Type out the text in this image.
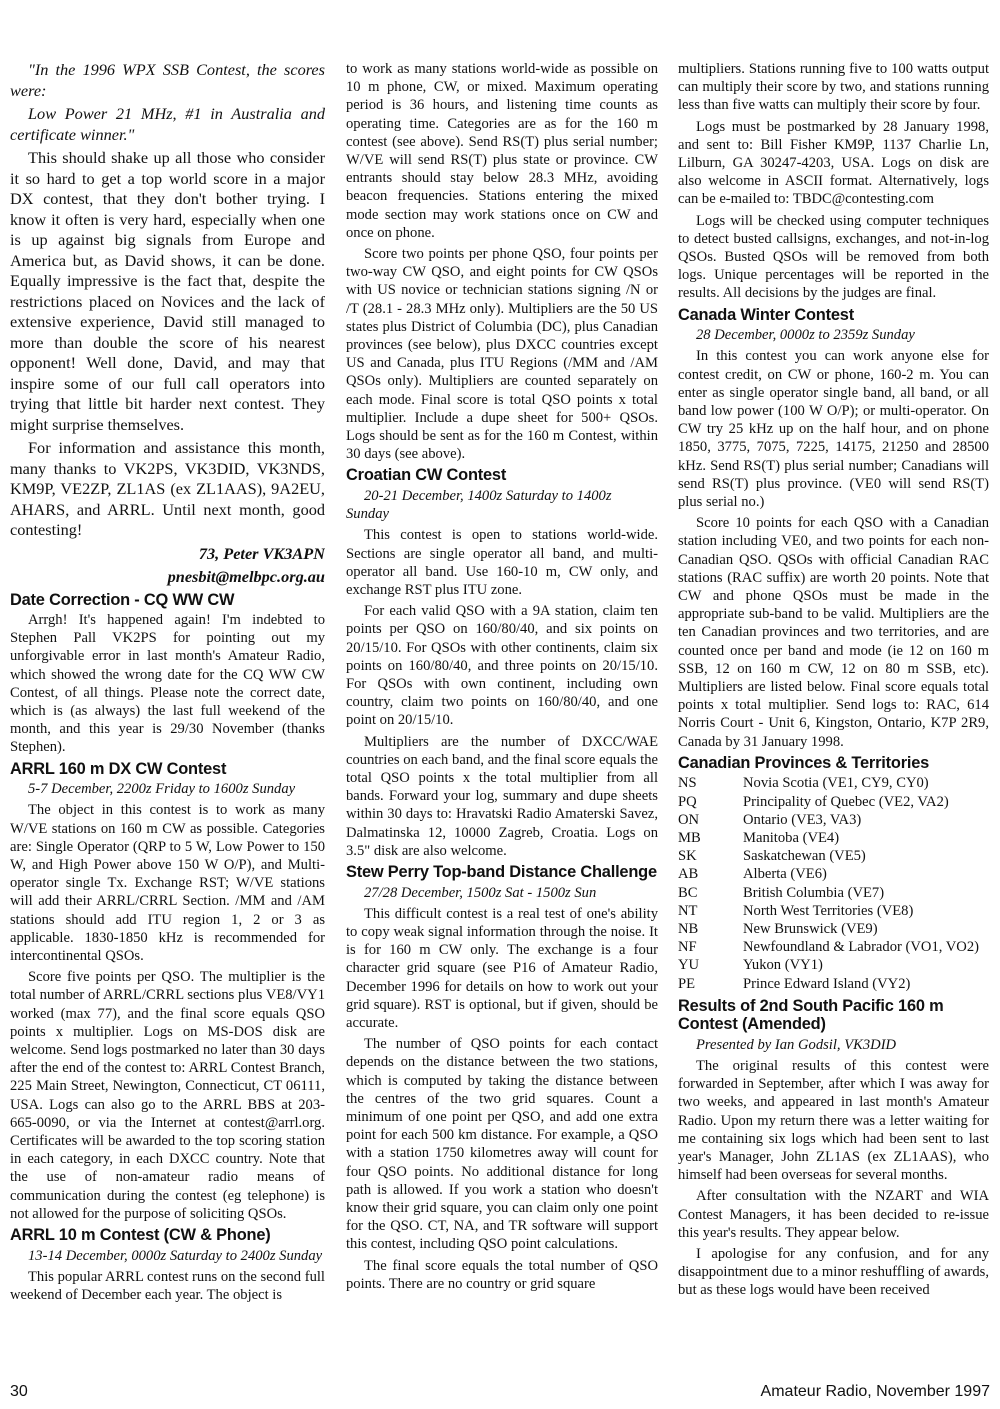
"In the 1996 WPX SSB Contest, the scores were:

Low Power 21 MHz, #1 in Australia and certificate winner."

This should shake up all those who consider it so hard to get a top world score in a major DX contest, that they don't bother trying. I know it often is very hard, especially when one is up against big signals from Europe and America but, as David shows, it can be done. Equally impressive is the fact that, despite the restrictions placed on Novices and the lack of extensive experience, David still managed to more than double the score of his nearest opponent! Well done, David, and may that inspire some of our full call operators into trying that little bit harder next contest. They might surprise themselves.

For information and assistance this month, many thanks to VK2PS, VK3DID, VK3NDS, KM9P, VE2ZP, ZL1AS (ex ZL1AAS), 9A2EU, AHARS, and ARRL. Until next month, good contesting!

73, Peter VK3APN

pnesbit@melbpc.org.au

Date Correction - CQ WW CW

Arrgh! It's happened again! I'm indebted to Stephen Pall VK2PS for pointing out my unforgivable error in last month's Amateur Radio, which showed the wrong date for the CQ WW CW Contest, of all things. Please note the correct date, which is (as always) the last full weekend of the month, and this year is 29/30 November (thanks Stephen).

ARRL 160 m DX CW Contest

5-7 December, 2200z Friday to 1600z Sunday

The object in this contest is to work as many W/VE stations on 160 m CW as possible. Categories are: Single Operator (QRP to 5 W, Low Power to 150 W, and High Power above 150 W O/P), and Multi-operator single Tx. Exchange RST; W/VE stations will add their ARRL/CRRL Section. /MM and /AM stations should add ITU region 1, 2 or 3 as applicable. 1830-1850 kHz is recommended for intercontinental QSOs.

Score five points per QSO. The multiplier is the total number of ARRL/CRRL sections plus VE8/VY1 worked (max 77), and the final score equals QSO points x multiplier. Logs on MS-DOS disk are welcome. Send logs postmarked no later than 30 days after the end of the contest to: ARRL Contest Branch, 225 Main Street, Newington, Connecticut, CT 06111, USA. Logs can also go to the ARRL BBS at 203-665-0090, or via the Internet at contest@arrl.org. Certificates will be awarded to the top scoring station in each category, in each DXCC country. Note that the use of non-amateur radio means of communication during the contest (eg telephone) is not allowed for the purpose of soliciting QSOs.

ARRL 10 m Contest (CW & Phone)

13-14 December, 0000z Saturday to 2400z Sunday

This popular ARRL contest runs on the second full weekend of December each year. The object is

to work as many stations world-wide as possible on 10 m phone, CW, or mixed. Maximum operating period is 36 hours, and listening time counts as operating time. Categories are as for the 160 m contest (see above). Send RS(T) plus serial number; W/VE will send RS(T) plus state or province. CW entrants should stay below 28.3 MHz, avoiding beacon frequencies. Stations entering the mixed mode section may work stations once on CW and once on phone.

Score two points per phone QSO, four points per two-way CW QSO, and eight points for CW QSOs with US novice or technician stations signing /N or /T (28.1 - 28.3 MHz only). Multipliers are the 50 US states plus District of Columbia (DC), plus Canadian provinces (see below), plus DXCC countries except US and Canada, plus ITU Regions (/MM and /AM QSOs only). Multipliers are counted separately on each mode. Final score is total QSO points x total multiplier. Include a dupe sheet for 500+ QSOs. Logs should be sent as for the 160 m Contest, within 30 days (see above).

Croatian CW Contest

20-21 December, 1400z Saturday to 1400z Sunday

This contest is open to stations world-wide. Sections are single operator all band, and multi-operator all band. Use 160-10 m, CW only, and exchange RST plus ITU zone.

For each valid QSO with a 9A station, claim ten points per QSO on 160/80/40, and six points on 20/15/10. For QSOs with other continents, claim six points on 160/80/40, and three points on 20/15/10. For QSOs with own continent, including own country, claim two points on 160/80/40, and one point on 20/15/10.

Multipliers are the number of DXCC/WAE countries on each band, and the final score equals the total QSO points x the total multiplier from all bands. Forward your log, summary and dupe sheets within 30 days to: Hravatski Radio Amaterski Savez, Dalmatinska 12, 10000 Zagreb, Croatia. Logs on 3.5" disk are also welcome.

Stew Perry Top-band Distance Challenge

27/28 December, 1500z Sat - 1500z Sun

This difficult contest is a real test of one's ability to copy weak signal information through the noise. It is for 160 m CW only. The exchange is a four character grid square (see P16 of Amateur Radio, December 1996 for details on how to work out your grid square). RST is optional, but if given, should be accurate.

The number of QSO points for each contact depends on the distance between the two stations, which is computed by taking the distance between the centres of the two grid squares. Count a minimum of one point per QSO, and add one extra point for each 500 km distance. For example, a QSO with a station 1750 kilometres away will count for four QSO points. No additional distance for long path is allowed. If you work a station who doesn't know their grid square, you can claim only one point for the QSO. CT, NA, and TR software will support this contest, including QSO point calculations.

The final score equals the total number of QSO points. There are no country or grid square

multipliers. Stations running five to 100 watts output can multiply their score by two, and stations running less than five watts can multiply their score by four.

Logs must be postmarked by 28 January 1998, and sent to: Bill Fisher KM9P, 1137 Charlie Ln, Lilburn, GA 30247-4203, USA. Logs on disk are also welcome in ASCII format. Alternatively, logs can be e-mailed to: TBDC@contesting.com

Logs will be checked using computer techniques to detect busted callsigns, exchanges, and not-in-log QSOs. Busted QSOs will be removed from both logs. Unique percentages will be reported in the results. All decisions by the judges are final.

Canada Winter Contest

28 December, 0000z to 2359z Sunday

In this contest you can work anyone else for contest credit, on CW or phone, 160-2 m. You can enter as single operator single band, all band, or all band low power (100 W O/P); or multi-operator. On CW try 25 kHz up on the half hour, and on phone 1850, 3775, 7075, 7225, 14175, 21250 and 28500 kHz. Send RS(T) plus serial number; Canadians will send RS(T) plus province. (VE0 will send RS(T) plus serial no.)

Score 10 points for each QSO with a Canadian station including VE0, and two points for each non-Canadian QSO. QSOs with official Canadian RAC stations (RAC suffix) are worth 20 points. Note that CW and phone QSOs must be made in the appropriate sub-band to be valid. Multipliers are the ten Canadian provinces and two territories, and are counted once per band and mode (ie 12 on 160 m SSB, 12 on 160 m CW, 12 on 80 m SSB, etc). Multipliers are listed below. Final score equals total points x total multiplier. Send logs to: RAC, 614 Norris Court - Unit 6, Kingston, Ontario, K7P 2R9, Canada by 31 January 1998.

Canadian Provinces & Territories
NS	Novia Scotia (VE1, CY9, CY0)
PQ	Principality of Quebec (VE2, VA2)
ON	Ontario (VE3, VA3)
MB	Manitoba (VE4)
SK	Saskatchewan (VE5)
AB	Alberta (VE6)
BC	British Columbia (VE7)
NT	North West Territories (VE8)
NB	New Brunswick (VE9)
NF	Newfoundland & Labrador (VO1, VO2)
YU	Yukon (VY1)
PE	Prince Edward Island (VY2)
Results of 2nd South Pacific 160 m Contest (Amended)

Presented by Ian Godsil, VK3DID

The original results of this contest were forwarded in September, after which I was away for two weeks, and appeared in last month's Amateur Radio. Upon my return there was a letter waiting for me containing six logs which had been sent to last year's Manager, John ZL1AS (ex ZL1AAS), who himself had been overseas for several months.

After consultation with the NZART and WIA Contest Managers, it has been decided to re-issue this year's results. They appear below.

I apologise for any confusion, and for any disappointment due to a minor reshuffling of awards, but as these logs would have been received

30	Amateur Radio, November 1997
